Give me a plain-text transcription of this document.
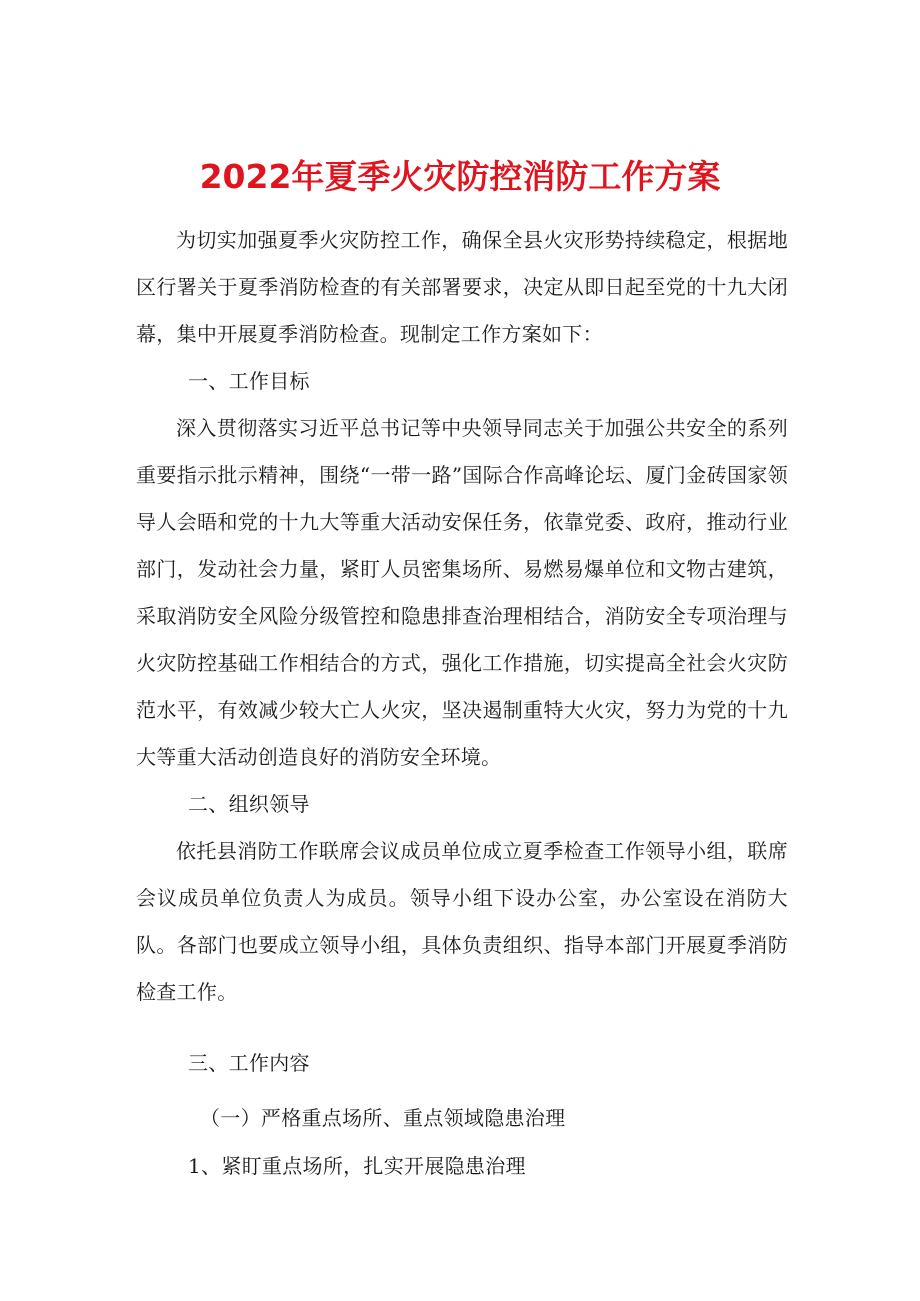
2022年夏季火灾防控消防工作方案

为切实加强夏季火灾防控工作，确保全县火灾形势持续稳定，根据地区行署关于夏季消防检查的有关部署要求，决定从即日起至党的十九大闭幕，集中开展夏季消防检查。现制定工作方案如下：

一、工作目标

深入贯彻落实习近平总书记等中央领导同志关于加强公共安全的系列重要指示批示精神，围绕“一带一路”国际合作高峰论坛、厦门金砖国家领导人会晤和党的十九大等重大活动安保任务，依靠党委、政府，推动行业部门，发动社会力量，紧盯人员密集场所、易燃易爆单位和文物古建筑，采取消防安全风险分级管控和隐患排查治理相结合，消防安全专项治理与火灾防控基础工作相结合的方式，强化工作措施，切实提高全社会火灾防范水平，有效减少较大亡人火灾，坚决遏制重特大火灾，努力为党的十九大等重大活动创造良好的消防安全环境。

二、组织领导

依托县消防工作联席会议成员单位成立夏季检查工作领导小组，联席会议成员单位负责人为成员。领导小组下设办公室，办公室设在消防大队。各部门也要成立领导小组，具体负责组织、指导本部门开展夏季消防检查工作。

三、工作内容

（一）严格重点场所、重点领域隐患治理

1、紧盯重点场所，扎实开展隐患治理
